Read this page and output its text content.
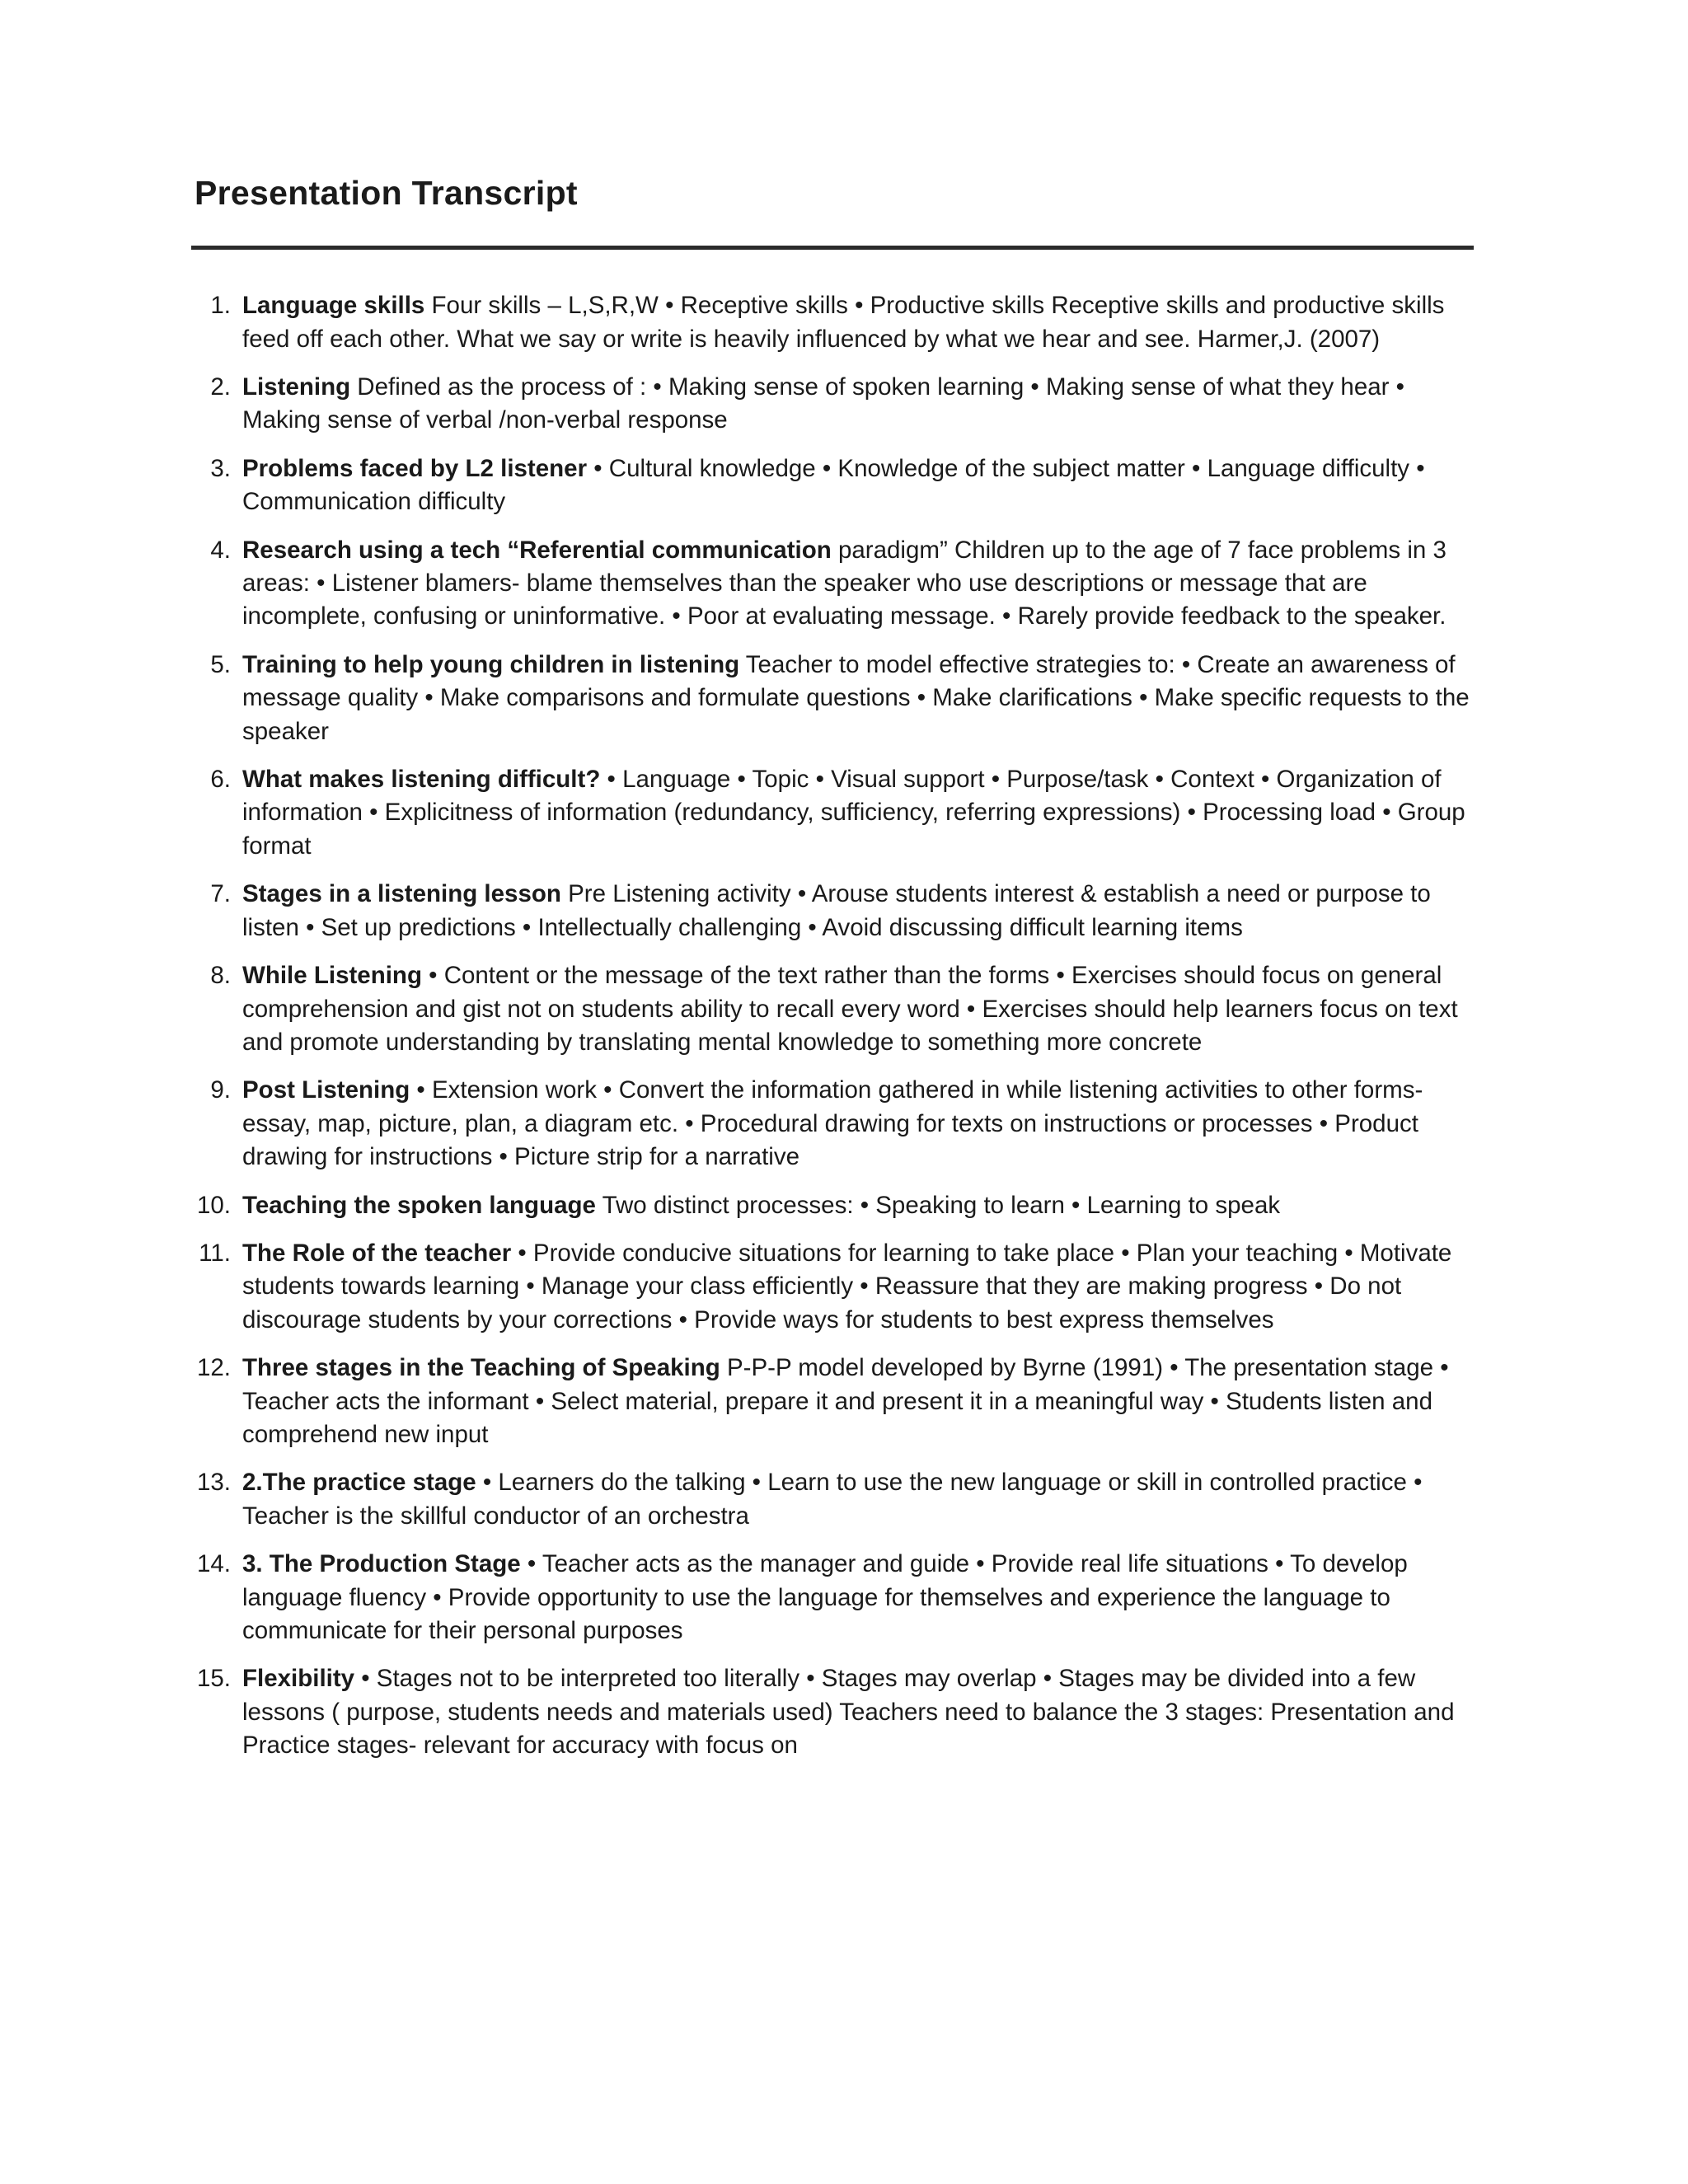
Presentation Transcript
1. Language skills Four skills – L,S,R,W • Receptive skills • Productive skills Receptive skills and productive skills feed off each other. What we say or write is heavily influenced by what we hear and see. Harmer,J. (2007)
2. Listening Defined as the process of : • Making sense of spoken learning • Making sense of what they hear • Making sense of verbal /non-verbal response
3. Problems faced by L2 listener • Cultural knowledge • Knowledge of the subject matter • Language difficulty • Communication difficulty
4. Research using a tech “Referential communication paradigm” Children up to the age of 7 face problems in 3 areas: • Listener blamers- blame themselves than the speaker who use descriptions or message that are incomplete, confusing or uninformative. • Poor at evaluating message. • Rarely provide feedback to the speaker.
5. Training to help young children in listening Teacher to model effective strategies to: • Create an awareness of message quality • Make comparisons and formulate questions • Make clarifications • Make specific requests to the speaker
6. What makes listening difficult? • Language • Topic • Visual support • Purpose/task • Context • Organization of information • Explicitness of information (redundancy, sufficiency, referring expressions) • Processing load • Group format
7. Stages in a listening lesson Pre Listening activity • Arouse students interest & establish a need or purpose to listen • Set up predictions • Intellectually challenging • Avoid discussing difficult learning items
8. While Listening • Content or the message of the text rather than the forms • Exercises should focus on general comprehension and gist not on students ability to recall every word • Exercises should help learners focus on text and promote understanding by translating mental knowledge to something more concrete
9. Post Listening • Extension work • Convert the information gathered in while listening activities to other forms- essay, map, picture, plan, a diagram etc. • Procedural drawing for texts on instructions or processes • Product drawing for instructions • Picture strip for a narrative
10. Teaching the spoken language Two distinct processes: • Speaking to learn • Learning to speak
11. The Role of the teacher • Provide conducive situations for learning to take place • Plan your teaching • Motivate students towards learning • Manage your class efficiently • Reassure that they are making progress • Do not discourage students by your corrections • Provide ways for students to best express themselves
12. Three stages in the Teaching of Speaking P-P-P model developed by Byrne (1991) • The presentation stage • Teacher acts the informant • Select material, prepare it and present it in a meaningful way • Students listen and comprehend new input
13. 2.The practice stage • Learners do the talking • Learn to use the new language or skill in controlled practice • Teacher is the skillful conductor of an orchestra
14. 3. The Production Stage • Teacher acts as the manager and guide • Provide real life situations • To develop language fluency • Provide opportunity to use the language for themselves and experience the language to communicate for their personal purposes
15. Flexibility • Stages not to be interpreted too literally • Stages may overlap • Stages may be divided into a few lessons ( purpose, students needs and materials used) Teachers need to balance the 3 stages: Presentation and Practice stages- relevant for accuracy with focus on
